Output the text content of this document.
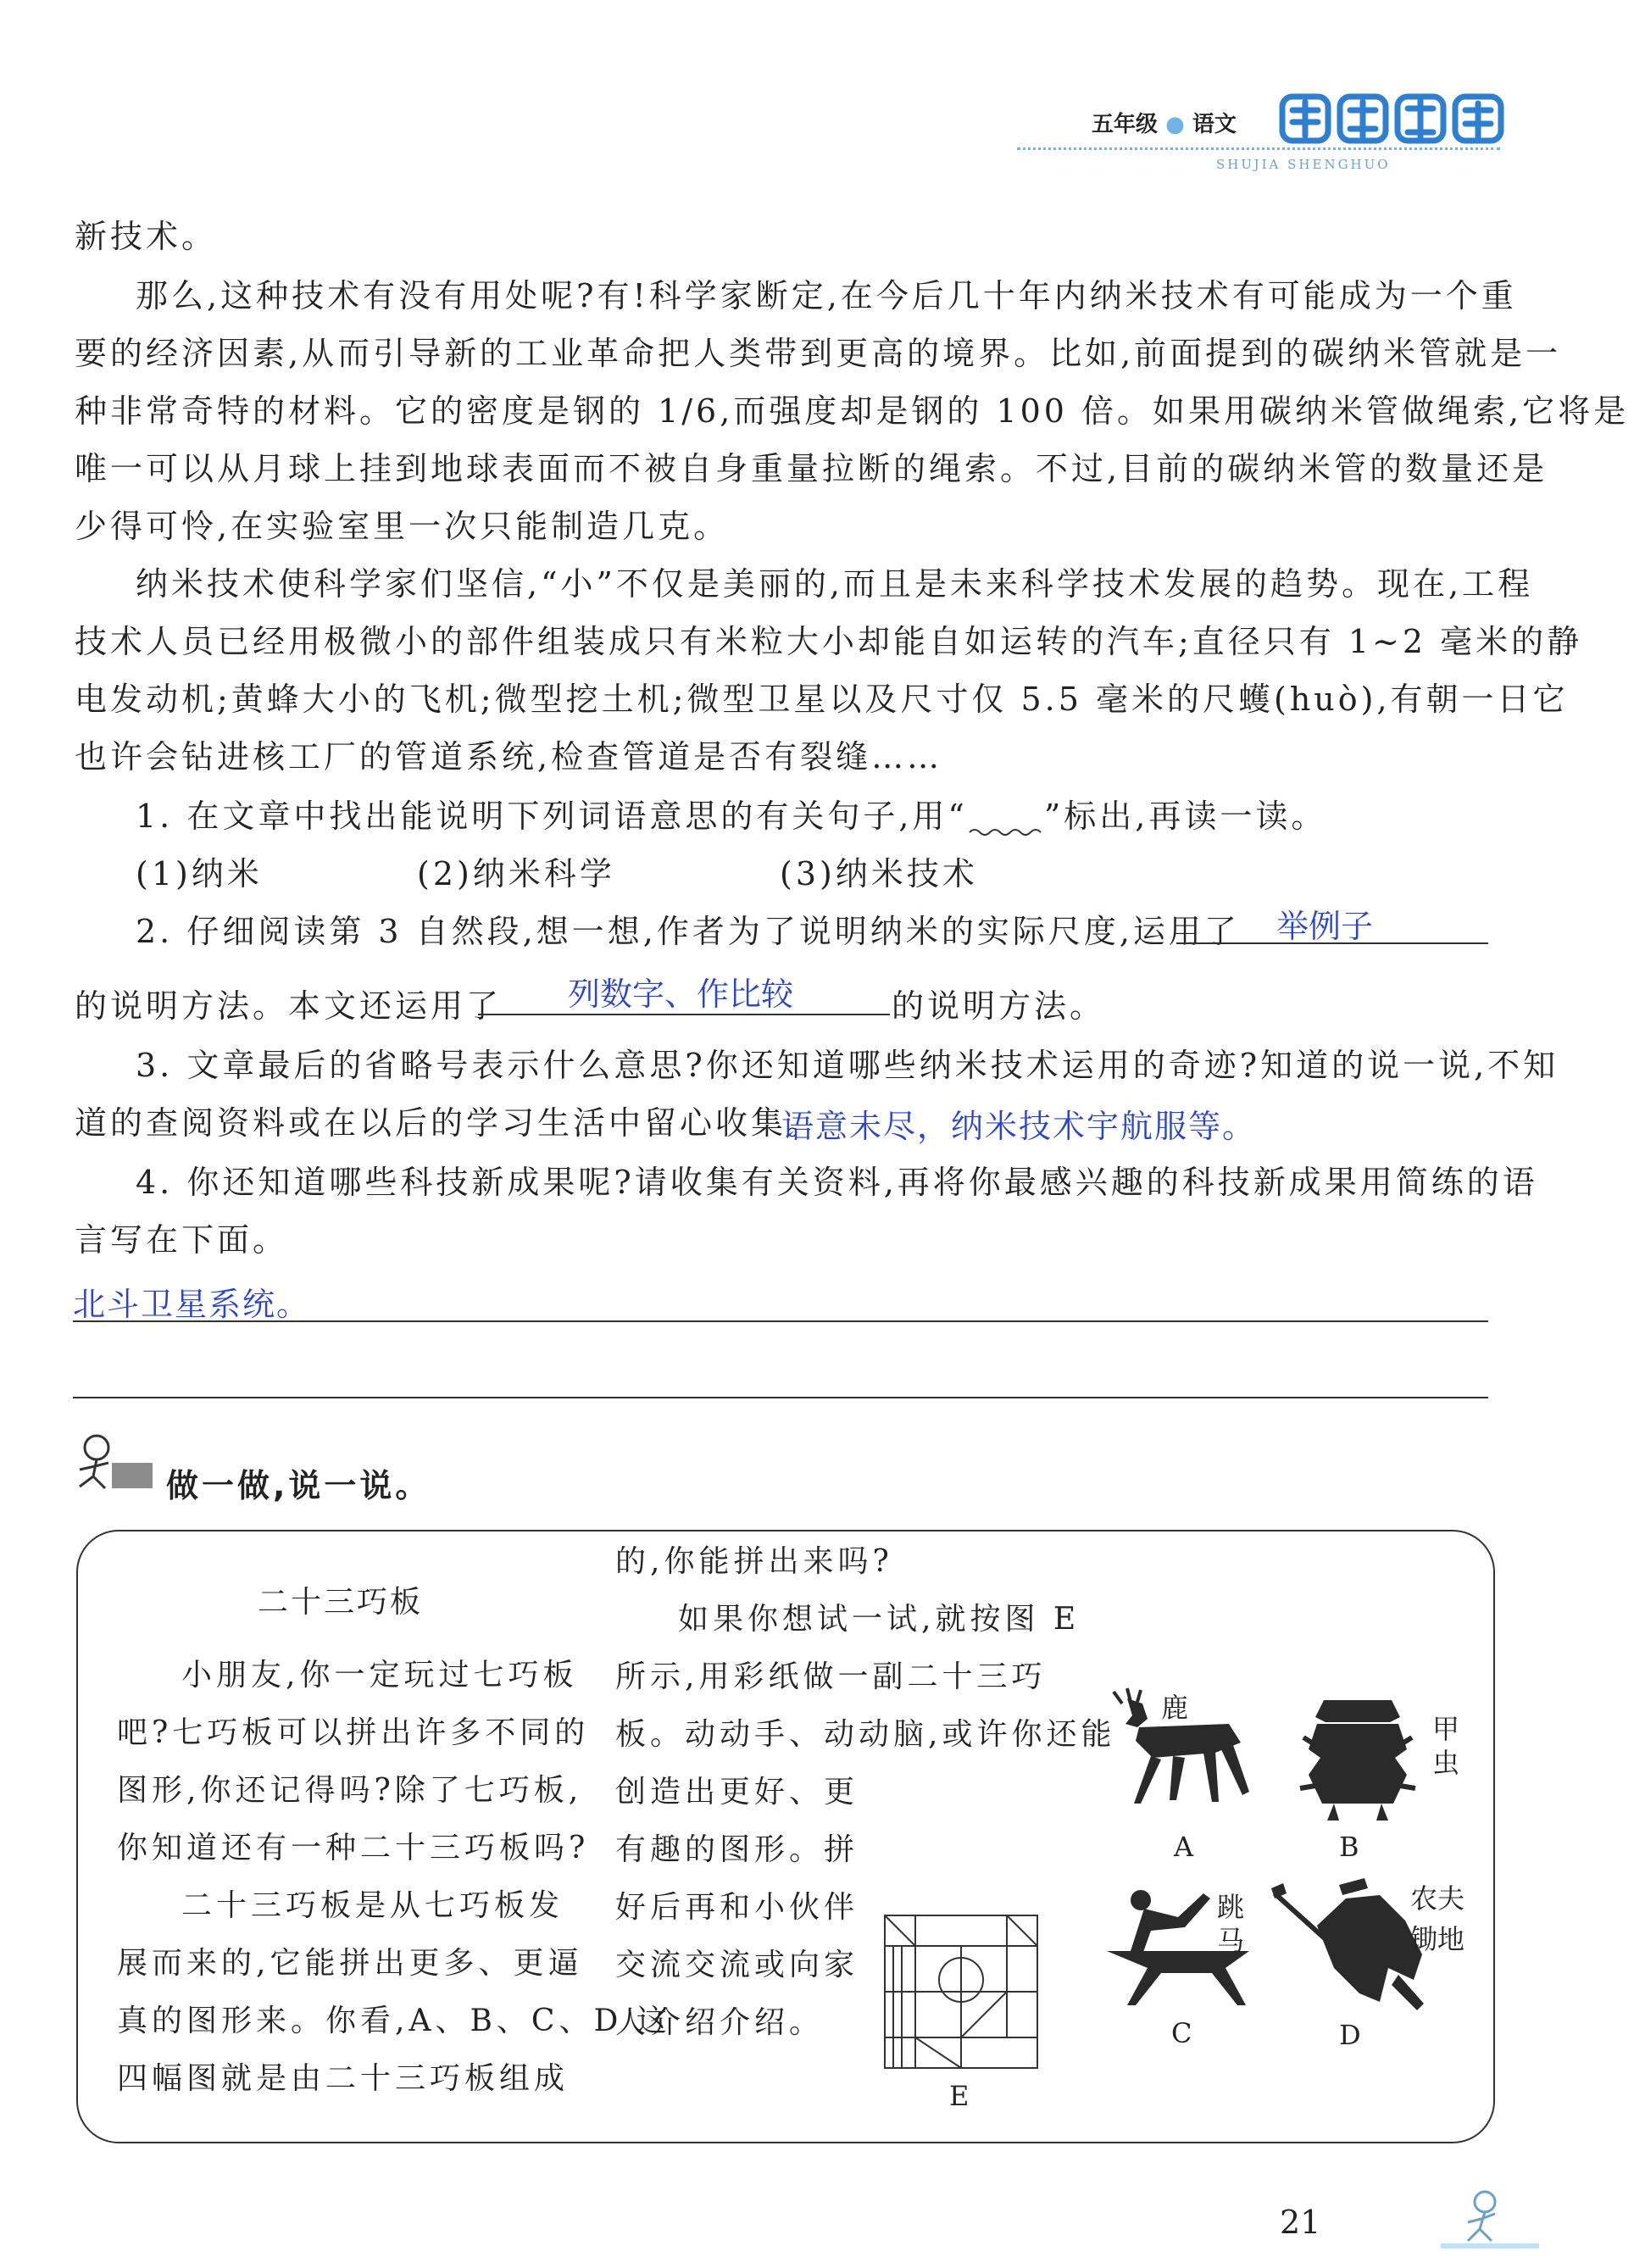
五年级 ● 语文
SHUJIA SHENGHUO
新技术。
那么,这种技术有没有用处呢?有!科学家断定,在今后几十年内纳米技术有可能成为一个重
要的经济因素,从而引导新的工业革命把人类带到更高的境界。比如,前面提到的碳纳米管就是一
种非常奇特的材料。它的密度是钢的 1/6,而强度却是钢的 100 倍。如果用碳纳米管做绳索,它将是
唯一可以从月球上挂到地球表面而不被自身重量拉断的绳索。不过,目前的碳纳米管的数量还是
少得可怜,在实验室里一次只能制造几克。
纳米技术使科学家们坚信,“小”不仅是美丽的,而且是未来科学技术发展的趋势。现在,工程
技术人员已经用极微小的部件组装成只有米粒大小却能自如运转的汽车;直径只有 1~2 毫米的静
电发动机;黄蜂大小的飞机;微型挖土机;微型卫星以及尺寸仅 5.5 毫米的尺蠖(huò),有朝一日它
也许会钻进核工厂的管道系统,检查管道是否有裂缝……
1. 在文章中找出能说明下列词语意思的有关句子,用“ ”标出,再读一读。
(1)纳米	(2)纳米科学	(3)纳米技术
2. 仔细阅读第 3 自然段,想一想,作者为了说明纳米的实际尺度,运用了 举例子
的说明方法。本文还运用了 列数字、作比较	的说明方法。
3. 文章最后的省略号表示什么意思?你还知道哪些纳米技术运用的奇迹?知道的说一说,不知
道的查阅资料或在以后的学习生活中留心收集。
语意未尽，纳米技术宇航服等。
4. 你还知道哪些科技新成果呢?请收集有关资料,再将你最感兴趣的科技新成果用简练的语
言写在下面。
北斗卫星系统。
做一做,说一说。
二十三巧板
小朋友,你一定玩过七巧板
吧?七巧板可以拼出许多不同的
图形,你还记得吗?除了七巧板,
你知道还有一种二十三巧板吗?
二十三巧板是从七巧板发
展而来的,它能拼出更多、更逼
真的图形来。你看,A、B、C、D 这
四幅图就是由二十三巧板组成
的,你能拼出来吗?
如果你想试一试,就按图 E
所示,用彩纸做一副二十三巧
板。动动手、动动脑,或许你还能
创造出更好、更
有趣的图形。拼
好后再和小伙伴
交流交流或向家
人介绍介绍。
E
鹿
A
甲虫
B
跳马
C
农夫锄地
D
21
